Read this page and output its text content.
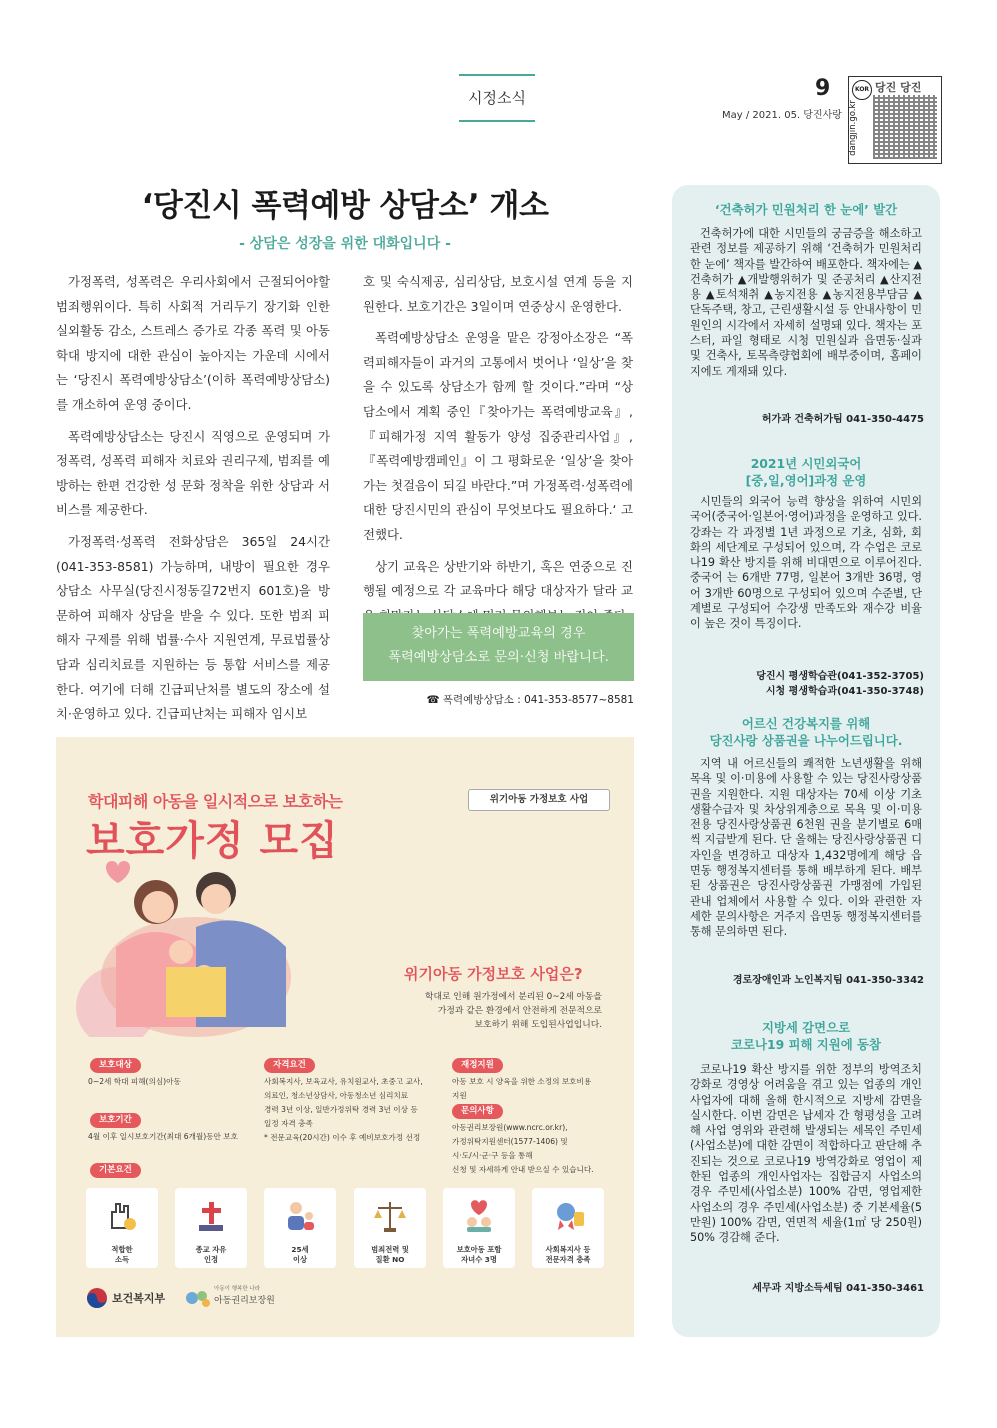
시정소식	9
May / 2021. 05. 당진사랑
KOR
dangjin.go.kr
당진 당진
‘당진시 폭력예방 상담소’ 개소
- 상담은 성장을 위한 대화입니다 -

가정폭력, 성폭력은 우리사회에서 근절되어야할 범죄행위이다. 특히 사회적 거리두기 장기화 인한 실외활동 감소, 스트레스 증가로 각종 폭력 및 아동학대 방지에 대한 관심이 높아지는 가운데 시에서는 ‘당진시 폭력예방상담소’(이하 폭력예방상담소)를 개소하여 운영 중이다.

폭력예방상담소는 당진시 직영으로 운영되며 가정폭력, 성폭력 피해자 치료와 권리구제, 범죄를 예방하는 한편 건강한 성 문화 정착을 위한 상담과 서비스를 제공한다.

가정폭력·성폭력 전화상담은 365일 24시간(041-353-8581) 가능하며, 내방이 필요한 경우 상담소 사무실(당진시정동길72번지 601호)을 방문하여 피해자 상담을 받을 수 있다. 또한 범죄 피해자 구제를 위해 법률·수사 지원연계, 무료법률상담과 심리치료를 지원하는 등 통합 서비스를 제공한다. 여기에 더해 긴급피난처를 별도의 장소에 설치·운영하고 있다. 긴급피난처는 피해자 임시보

호 및 숙식제공, 심리상담, 보호시설 연계 등을 지원한다. 보호기간은 3일이며 연중상시 운영한다.

폭력예방상담소 운영을 맡은 강정아소장은 “폭력피해자들이 과거의 고통에서 벗어나 ‘일상’을 찾을 수 있도록 상담소가 함께 할 것이다.”라며 “상담소에서 계획 중인『찾아가는 폭력예방교육』,『피해가정 지역 활동가 양성 집중관리사업』,『폭력예방캠페인』이 그 평화로운 ‘일상’을 찾아가는 첫걸음이 되길 바란다.”며 가정폭력·성폭력에 대한 당진시민의 관심이 무엇보다도 필요하다.‘ 고 전했다.

상기 교육은 상반기와 하반기, 혹은 연중으로 진행될 예정으로 각 교육마다 해당 대상자가 달라 교

찾아가는 폭력예방교육의 경우
폭력예방상담소로 문의·신청 바랍니다.
☎ 폭력예방상담소 : 041-353-8577~8581
‘건축허가 민원처리 한 눈에’ 발간

건축허가에 대한 시민들의 궁금증을 해소하고 관련 정보를 제공하기 위해 ‘건축허가 민원처리 한 눈에’ 책자를 발간하여 배포한다. 책자에는 ▲건축허가 ▲개발행위허가 및 준공처리 ▲산지전용 ▲토석채취 ▲농지전용 ▲농지전용부담금 ▲단독주택, 창고, 근린생활시설 등 안내사항이 민원인의 시각에서 자세히 설명돼 있다. 책자는 포스터, 파일 형태로 시청 민원실과 읍면동·실과 및 건축사, 토목측량협회에 배부중이며, 홈페이지에도 게재돼 있다.

허가과 건축허가팀 041-350-4475
2021년 시민외국어
[중,일,영어]과정 운영

시민들의 외국어 능력 향상을 위하여 시민외국어(중국어·일본어·영어)과정을 운영하고 있다. 강좌는 각 과정별 1년 과정으로 기초, 심화, 회화의 세단계로 구성되어 있으며, 각 수업은 코로나19 확산 방지를 위해 비대면으로 이루어진다. 중국어 는 6개반 77명, 일본어 3개반 36명, 영어 3개반 60명으로 구성되어 있으며 수준별, 단계별로 구성되어 수강생 만족도와 재수강 비율이 높은 것이 특징이다.

당진시 평생학습관(041-352-3705)
시청 평생학습과(041-350-3748)
어르신 건강복지를 위해
당진사랑 상품권을 나누어드립니다.

지역 내 어르신들의 쾌적한 노년생활을 위해 목욕 및 이·미용에 사용할 수 있는 당진사랑상품권을 지원한다. 지원 대상자는 70세 이상 기초생활수급자 및 차상위계층으로 목욕 및 이·미용 전용 당진사랑상품권 6천원 권을 분기별로 6매씩 지급받게 된다. 단 올해는 당진사랑상품권 디자인을 변경하고 대상자 1,432명에게 해당 읍면동 행정복지센터를 통해 배부하게 된다. 배부된 상품권은 당진사랑상품권 가맹점에 가입된 관내 업체에서 사용할 수 있다. 이와 관련한 자세한 문의사항은 거주지 읍면동 행정복지센터를 통해 문의하면 된다.

경로장애인과 노인복지팀 041-350-3342
지방세 감면으로
코로나19 피해 지원에 동참

코로나19 확산 방지를 위한 정부의 방역조치 강화로 경영상 어려움을 겪고 있는 업종의 개인사업자에 대해 올해 한시적으로 지방세 감면을 실시한다. 이번 감면은 납세자 간 형평성을 고려해 사업 영위와 관련해 발생되는 세목인 주민세(사업소분)에 대한 감면이 적합하다고 판단해 추진되는 것으로 코로나19 방역강화로 영업이 제한된 업종의 개인사업자는 집합금지 사업소의 경우 주민세(사업소분) 100% 감면, 영업제한 사업소의 경우 주민세(사업소분) 중 기본세율(5만원) 100% 감면, 연면적 세율(1㎡ 당 250원) 50% 경감해 준다.

세무과 지방소득세팀 041-350-3461
학대피해 아동을 일시적으로 보호하는
보호가정 모집
위기아동 가정보호 사업
위기아동 가정보호 사업은?
학대로 인해 원가정에서 분리된 0~2세 아동을
가정과 같은 환경에서 안전하게 전문적으로
보호하기 위해 도입된사업입니다.
보호대상
0~2세 학대 피해(의심)아동
보호기간
4월 이후 일시보호기간(최대 6개월)동안 보호
기본요건
자격요건
사회복지사, 보육교사, 유치원교사, 초중고 교사,
의료인, 청소년상담사, 아동청소년 심리치료
경력 3년 이상, 일반가정위탁 경력 3년 이상 등
일정 자격 충족
* 전문교육(20시간) 이수 후 예비보호가정 선정
재정지원
아동 보호 시 양육을 위한 소정의 보호비용
지원
문의사항
아동권리보장원(www.ncrc.or.kr),
가정위탁지원센터(1577-1406) 및
시·도/시·군·구 등을 통해
신청 및 자세하게 안내 받으실 수 있습니다.
적합한
소득
종교 자유
인정
25세
이상
범죄전력 및
질환 NO
보호아동 포함
자녀수 3명
사회복지사 등
전문자격 충족
보건복지부
아동이 행복한 나라
아동권리보장원
